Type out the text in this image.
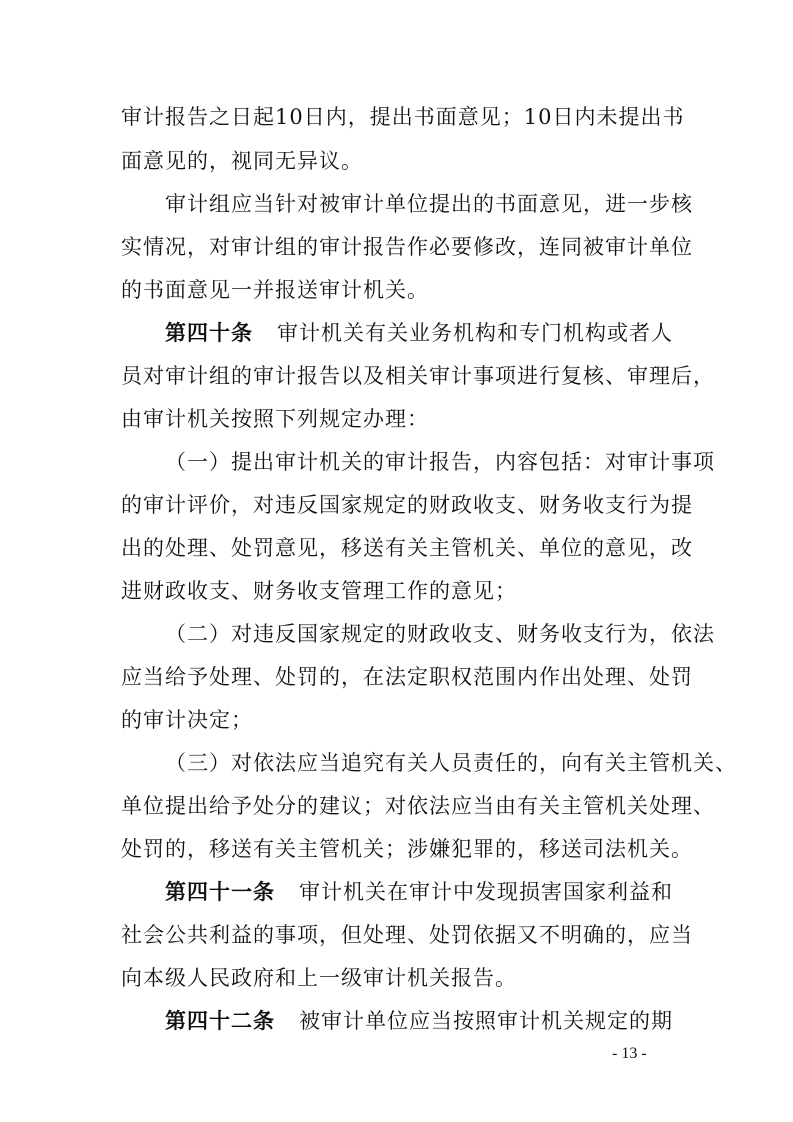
审计报告之日起10日内，提出书面意见；10日内未提出书
面意见的，视同无异议。
审计组应当针对被审计单位提出的书面意见，进一步核
实情况，对审计组的审计报告作必要修改，连同被审计单位
的书面意见一并报送审计机关。
第四十条 审计机关有关业务机构和专门机构或者人
员对审计组的审计报告以及相关审计事项进行复核、审理后，
由审计机关按照下列规定办理：
（一）提出审计机关的审计报告，内容包括：对审计事项
的审计评价，对违反国家规定的财政收支、财务收支行为提
出的处理、处罚意见，移送有关主管机关、单位的意见，改
进财政收支、财务收支管理工作的意见；
（二）对违反国家规定的财政收支、财务收支行为，依法
应当给予处理、处罚的，在法定职权范围内作出处理、处罚
的审计决定；
（三）对依法应当追究有关人员责任的，向有关主管机关、
单位提出给予处分的建议；对依法应当由有关主管机关处理、
处罚的，移送有关主管机关；涉嫌犯罪的，移送司法机关。
第四十一条 审计机关在审计中发现损害国家利益和
社会公共利益的事项，但处理、处罚依据又不明确的，应当
向本级人民政府和上一级审计机关报告。
第四十二条 被审计单位应当按照审计机关规定的期
- 13 -
